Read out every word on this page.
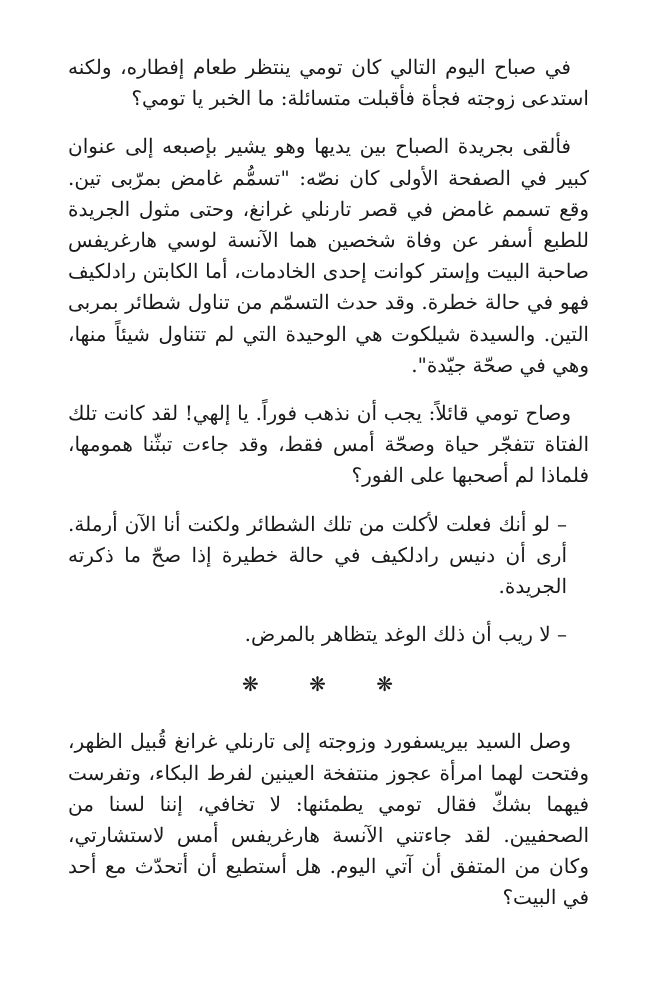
في صباح اليوم التالي كان تومي ينتظر طعام إفطاره، ولكنه استدعى زوجته فجأة فأقبلت متسائلة: ما الخبر يا تومي؟

فألقى بجريدة الصباح بين يديها وهو يشير بإصبعه إلى عنوان كبير في الصفحة الأولى كان نصّه: "تسمُّم غامض بمرّبى تين. وقع تسمم غامض في قصر تارنلي غرانغ، وحتى مثول الجريدة للطبع أسفر عن وفاة شخصين هما الآنسة لوسي هارغريفس صاحبة البيت وإستر كوانت إحدى الخادمات، أما الكابتن رادلكيف فهو في حالة خطرة. وقد حدث التسمّم من تناول شطائر بمربى التين. والسيدة شيلكوت هي الوحيدة التي لم تتناول شيئاً منها، وهي في صحّة جيّدة".

وصاح تومي قائلاً: يجب أن نذهب فوراً. يا إلهي! لقد كانت تلك الفتاة تتفجّر حياة وصحّة أمس فقط، وقد جاءت تبثّنا همومها، فلماذا لم أصحبها على الفور؟

– لو أنك فعلت لأكلت من تلك الشطائر ولكنت أنا الآن أرملة. أرى أن دنيس رادلكيف في حالة خطيرة إذا صحّ ما ذكرته الجريدة.

– لا ريب أن ذلك الوغد يتظاهر بالمرض.

❋ ❋ ❋

وصل السيد بيريسفورد وزوجته إلى تارنلي غرانغ قُبيل الظهر، وفتحت لهما امرأة عجوز منتفخة العينين لفرط البكاء، وتفرست فيهما بشكّ فقال تومي يطمئنها: لا تخافي، إننا لسنا من الصحفيين. لقد جاءتني الآنسة هارغريفس أمس لاستشارتي، وكان من المتفق أن آتي اليوم. هل أستطيع أن أتحدّث مع أحد في البيت؟
